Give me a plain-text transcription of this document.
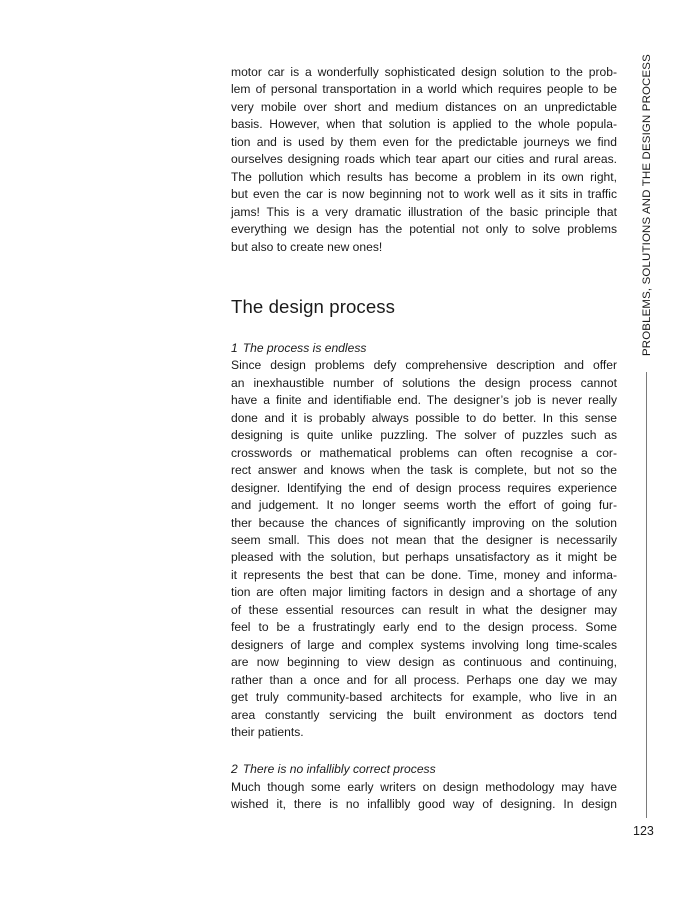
motor car is a wonderfully sophisticated design solution to the prob-
lem of personal transportation in a world which requires people to be
very mobile over short and medium distances on an unpredictable
basis. However, when that solution is applied to the whole popula-
tion and is used by them even for the predictable journeys we find
ourselves designing roads which tear apart our cities and rural areas.
The pollution which results has become a problem in its own right,
but even the car is now beginning not to work well as it sits in traffic
jams! This is a very dramatic illustration of the basic principle that
everything we design has the potential not only to solve problems
but also to create new ones!

The design process

1 The process is endless

Since design problems defy comprehensive description and offer
an inexhaustible number of solutions the design process cannot
have a finite and identifiable end. The designer’s job is never really
done and it is probably always possible to do better. In this sense
designing is quite unlike puzzling. The solver of puzzles such as
crosswords or mathematical problems can often recognise a cor-
rect answer and knows when the task is complete, but not so the
designer. Identifying the end of design process requires experience
and judgement. It no longer seems worth the effort of going fur-
ther because the chances of significantly improving on the solution
seem small. This does not mean that the designer is necessarily
pleased with the solution, but perhaps unsatisfactory as it might be
it represents the best that can be done. Time, money and informa-
tion are often major limiting factors in design and a shortage of any
of these essential resources can result in what the designer may
feel to be a frustratingly early end to the design process. Some
designers of large and complex systems involving long time-scales
are now beginning to view design as continuous and continuing,
rather than a once and for all process. Perhaps one day we may
get truly community-based architects for example, who live in an
area constantly servicing the built environment as doctors tend
their patients.

2 There is no infallibly correct process

Much though some early writers on design methodology may have
wished it, there is no infallibly good way of designing. In design

PROBLEMS, SOLUTIONS AND THE DESIGN PROCESS
123
